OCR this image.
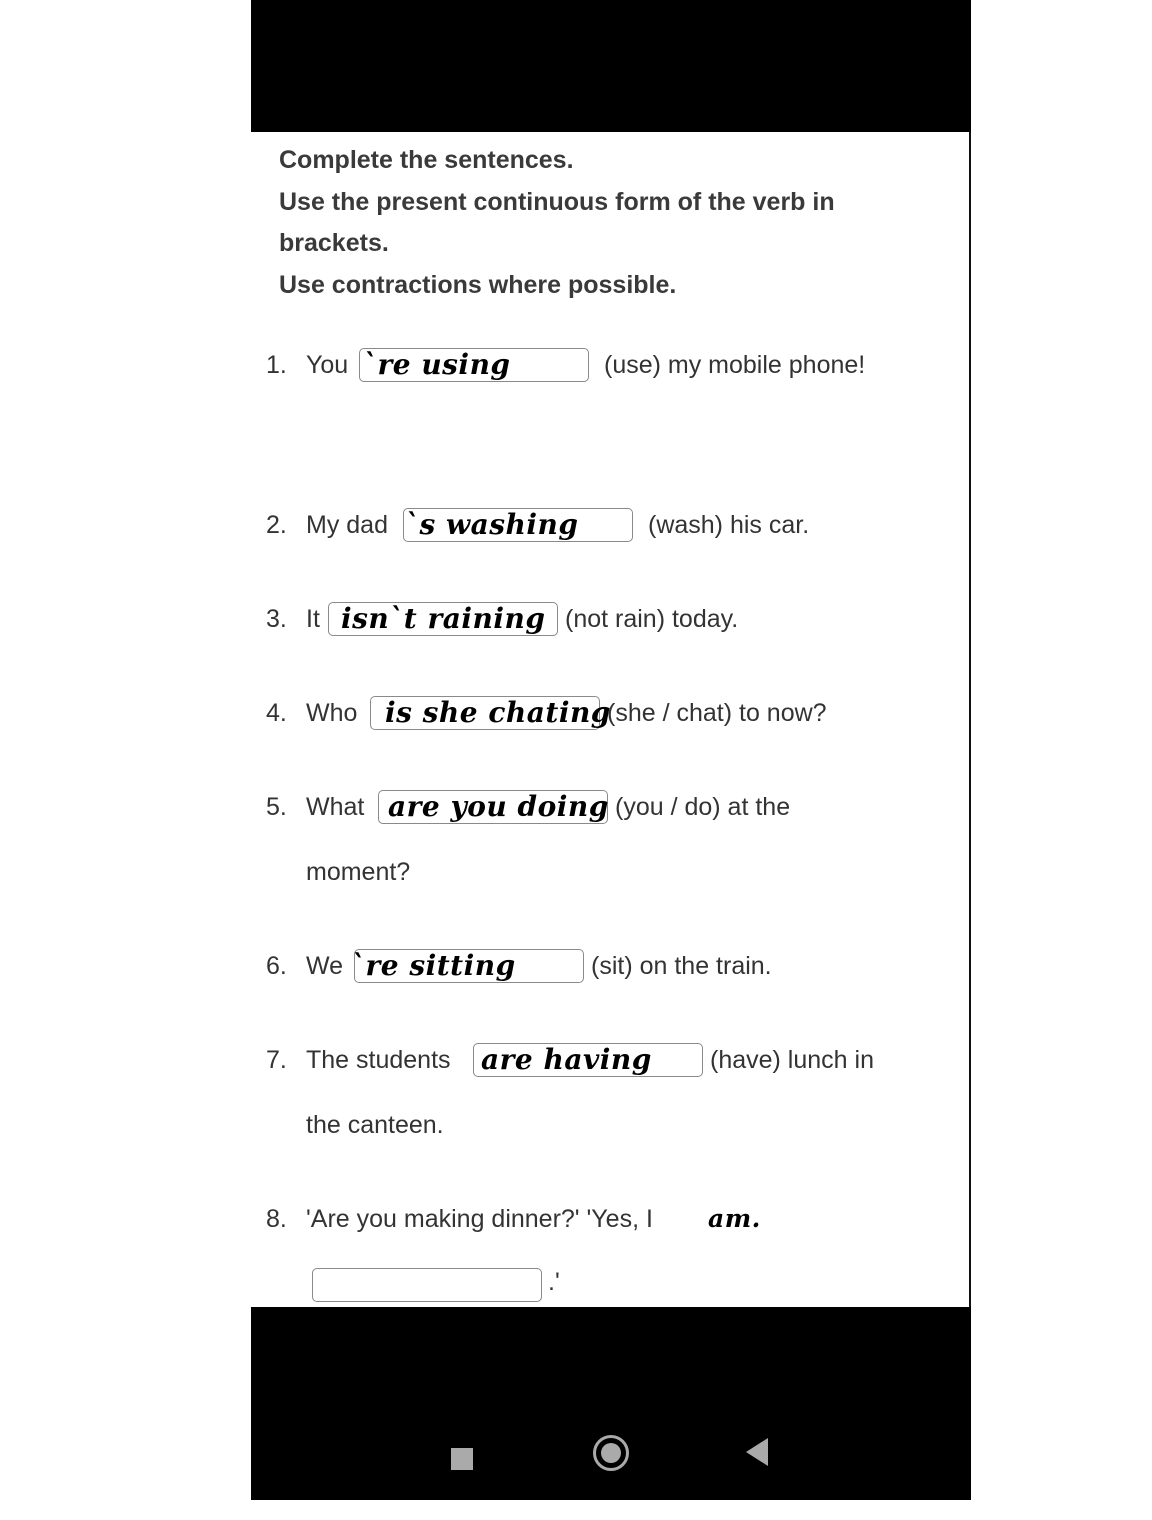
Complete the sentences.
Use the present continuous form of the verb in brackets.
Use contractions where possible.
1. You `re using	(use) my mobile phone!
2. My dad `s washing	(wash) his car.
3. It isn`t raining (not rain) today.
4. Who is she chating
(she / chat) to now?
5. What are you doing (you / do) at the
moment?
6. We `re sitting	(sit) on the train.
7. The students are having (have) lunch in
the canteen.
8. 'Are you making dinner?' 'Yes, I am.
.'
